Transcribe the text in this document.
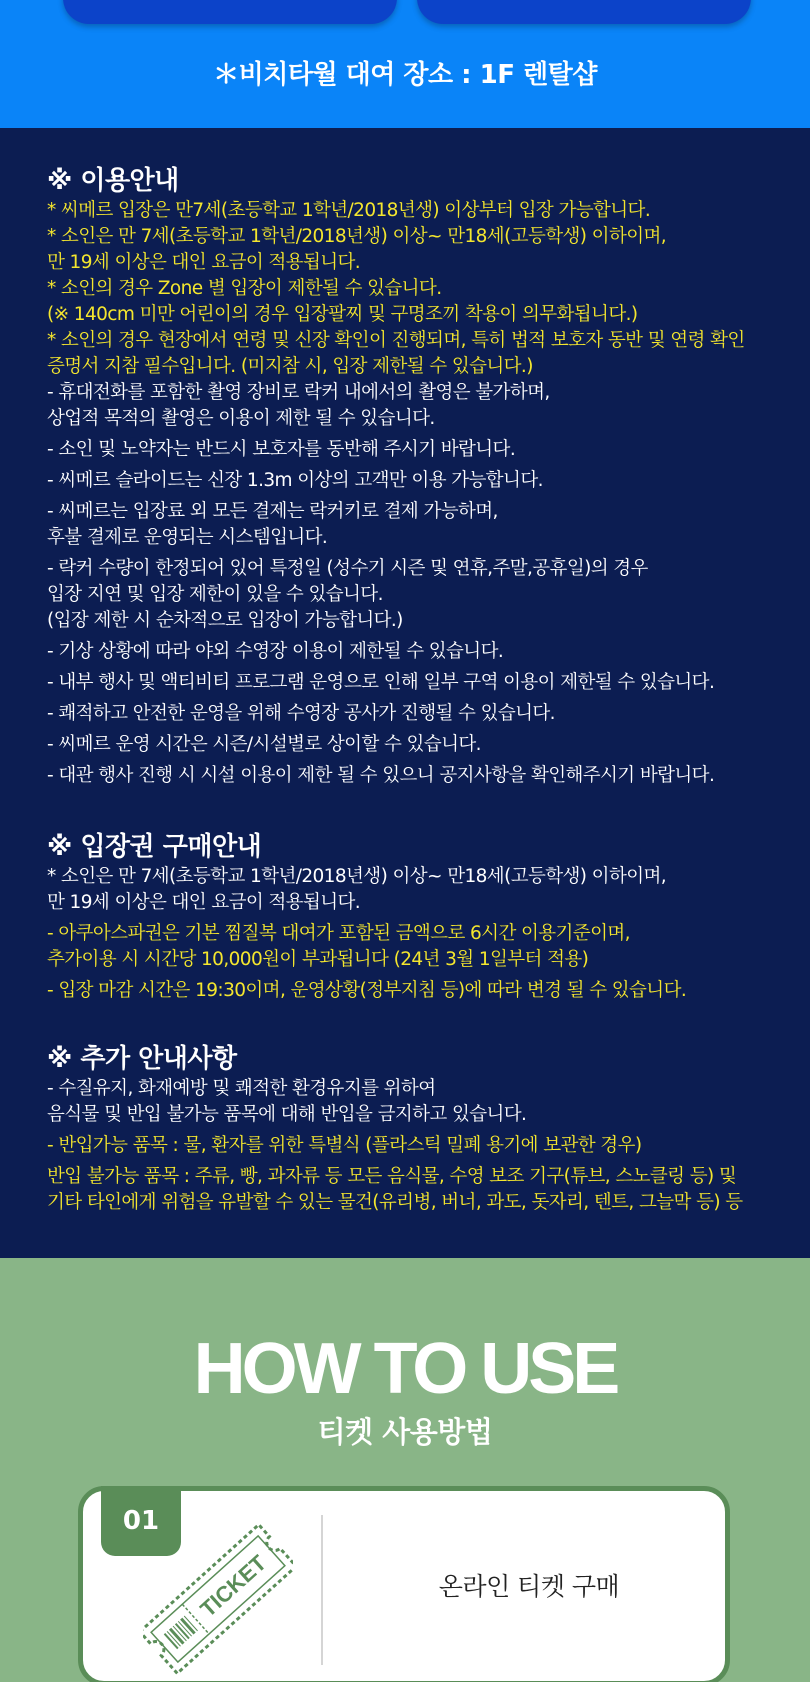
＊비치타월 대여 장소 : 1F 렌탈샵
※ 이용안내
* 씨메르 입장은 만7세(초등학교 1학년/2018년생) 이상부터 입장 가능합니다.
* 소인은 만 7세(초등학교 1학년/2018년생) 이상~ 만18세(고등학생) 이하이며,
만 19세 이상은 대인 요금이 적용됩니다.
* 소인의 경우 Zone 별 입장이 제한될 수 있습니다.
(※ 140cm 미만 어린이의 경우 입장팔찌 및 구명조끼 착용이 의무화됩니다.)
* 소인의 경우 현장에서 연령 및 신장 확인이 진행되며, 특히 법적 보호자 동반 및 연령 확인
증명서 지참 필수입니다. (미지참 시, 입장 제한될 수 있습니다.)
- 휴대전화를 포함한 촬영 장비로 락커 내에서의 촬영은 불가하며,
상업적 목적의 촬영은 이용이 제한 될 수 있습니다.
- 소인 및 노약자는 반드시 보호자를 동반해 주시기 바랍니다.
- 씨메르 슬라이드는 신장 1.3m 이상의 고객만 이용 가능합니다.
- 씨메르는 입장료 외 모든 결제는 락커키로 결제 가능하며,
후불 결제로 운영되는 시스템입니다.
- 락커 수량이 한정되어 있어 특정일 (성수기 시즌 및 연휴,주말,공휴일)의 경우
입장 지연 및 입장 제한이 있을 수 있습니다.
(입장 제한 시 순차적으로 입장이 가능합니다.)
- 기상 상황에 따라 야외 수영장 이용이 제한될 수 있습니다.
- 내부 행사 및 액티비티 프로그램 운영으로 인해 일부 구역 이용이 제한될 수 있습니다.
- 쾌적하고 안전한 운영을 위해 수영장 공사가 진행될 수 있습니다.
- 씨메르 운영 시간은 시즌/시설별로 상이할 수 있습니다.
- 대관 행사 진행 시 시설 이용이 제한 될 수 있으니 공지사항을 확인해주시기 바랍니다.
※ 입장권 구매안내
* 소인은 만 7세(초등학교 1학년/2018년생) 이상~ 만18세(고등학생) 이하이며,
만 19세 이상은 대인 요금이 적용됩니다.
- 아쿠아스파권은 기본 찜질복 대여가 포함된 금액으로 6시간 이용기준이며,
추가이용 시 시간당 10,000원이 부과됩니다 (24년 3월 1일부터 적용)
- 입장 마감 시간은 19:30이며, 운영상황(정부지침 등)에 따라 변경 될 수 있습니다.
※ 추가 안내사항
- 수질유지, 화재예방 및 쾌적한 환경유지를 위하여
음식물 및 반입 불가능 품목에 대해 반입을 금지하고 있습니다.
- 반입가능 품목 : 물, 환자를 위한 특별식 (플라스틱 밀폐 용기에 보관한 경우)
반입 불가능 품목 : 주류, 빵, 과자류 등 모든 음식물, 수영 보조 기구(튜브, 스노클링 등) 및
기타 타인에게 위험을 유발할 수 있는 물건(유리병, 버너, 과도, 돗자리, 텐트, 그늘막 등) 등
HOW TO USE
티켓 사용방법
01
TICKET	온라인 티켓 구매
